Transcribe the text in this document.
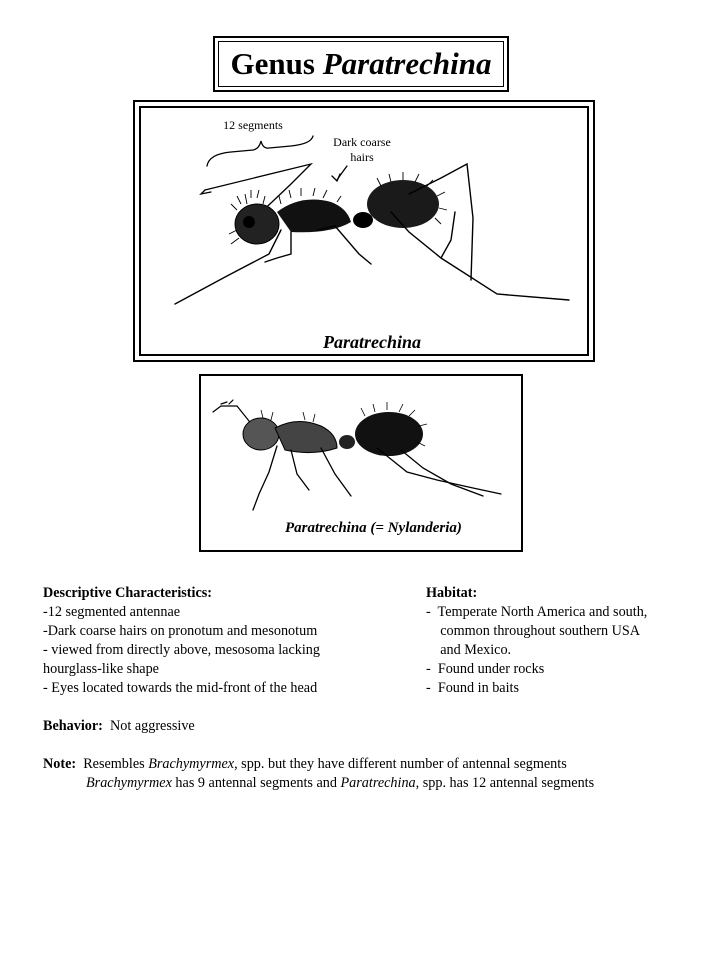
Genus
Paratrechina
Paratrechina
12 segments
Dark coarse
hairs
Paratrechina (= Nylanderia)
Descriptive Characteristics:
-12 segmented antennae
-Dark coarse hairs on pronotum and mesonotum
- viewed from directly above, mesosoma lacking
hourglass-like shape
- Eyes located towards the mid-front of the head
Habitat:
-  Temperate North America and south,
common throughout southern USA
and Mexico.
-  Found under rocks
-  Found in baits
Behavior: Not aggressive
Note: Resembles Brachymyrmex, spp. but they have different number of antennal segments
Brachymyrmex has 9 antennal segments and Paratrechina, spp. has 12 antennal segments
